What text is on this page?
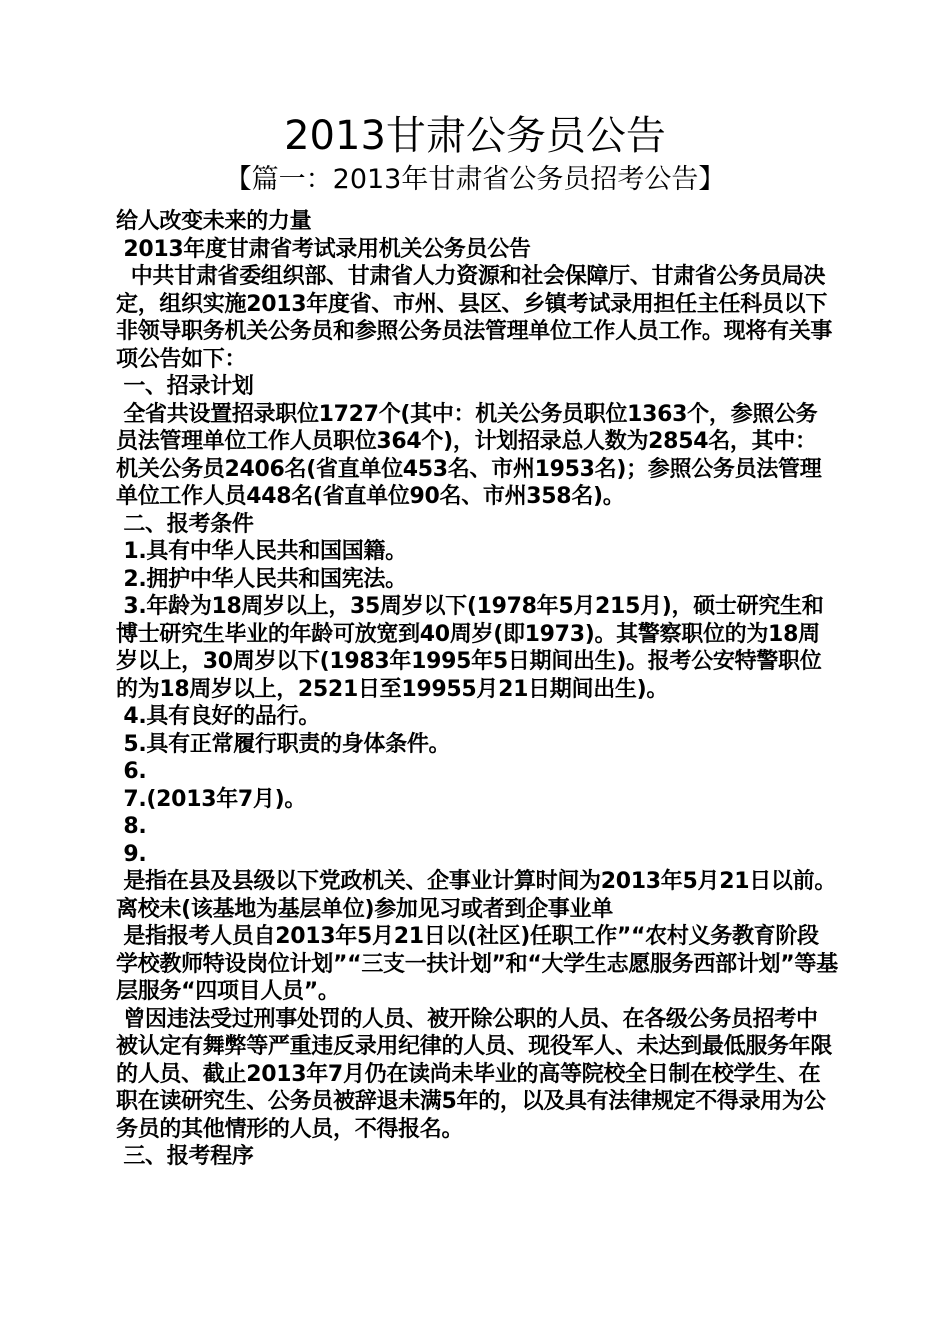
2013甘肃公务员公告
【篇一：2013年甘肃省公务员招考公告】

给人改变未来的力量

2013年度甘肃省考试录用机关公务员公告

中共甘肃省委组织部、甘肃省人力资源和社会保障厅、甘肃省公务员局决定，组织实施2013年度省、市州、县区、乡镇考试录用担任主任科员以下非领导职务机关公务员和参照公务员法管理单位工作人员工作。现将有关事项公告如下：

一、招录计划

全省共设置招录职位1727个(其中：机关公务员职位1363个，参照公务员法管理单位工作人员职位364个)，计划招录总人数为2854名，其中：机关公务员2406名(省直单位453名、市州1953名)；参照公务员法管理单位工作人员448名(省直单位90名、市州358名)。

二、报考条件

1.具有中华人民共和国国籍。

2.拥护中华人民共和国宪法。

3.年龄为18周岁以上，35周岁以下(1978年5月215月)，硕士研究生和博士研究生毕业的年龄可放宽到40周岁(即1973)。其警察职位的为18周岁以上，30周岁以下(1983年1995年5日期间出生)。报考公安特警职位的为18周岁以上，2521日至19955月21日期间出生)。

4.具有良好的品行。

5.具有正常履行职责的身体条件。

6.

7.(2013年7月)。

8.

9.

是指在县及县级以下党政机关、企事业计算时间为2013年5月21日以前。离校未(该基地为基层单位)参加见习或者到企事业单

是指报考人员自2013年5月21日以(社区)任职工作”“农村义务教育阶段学校教师特设岗位计划”“三支一扶计划”和“大学生志愿服务西部计划”等基层服务“四项目人员”。

曾因违法受过刑事处罚的人员、被开除公职的人员、在各级公务员招考中被认定有舞弊等严重违反录用纪律的人员、现役军人、未达到最低服务年限的人员、截止2013年7月仍在读尚未毕业的高等院校全日制在校学生、在职在读研究生、公务员被辞退未满5年的，以及具有法律规定不得录用为公务员的其他情形的人员，不得报名。

三、报考程序
